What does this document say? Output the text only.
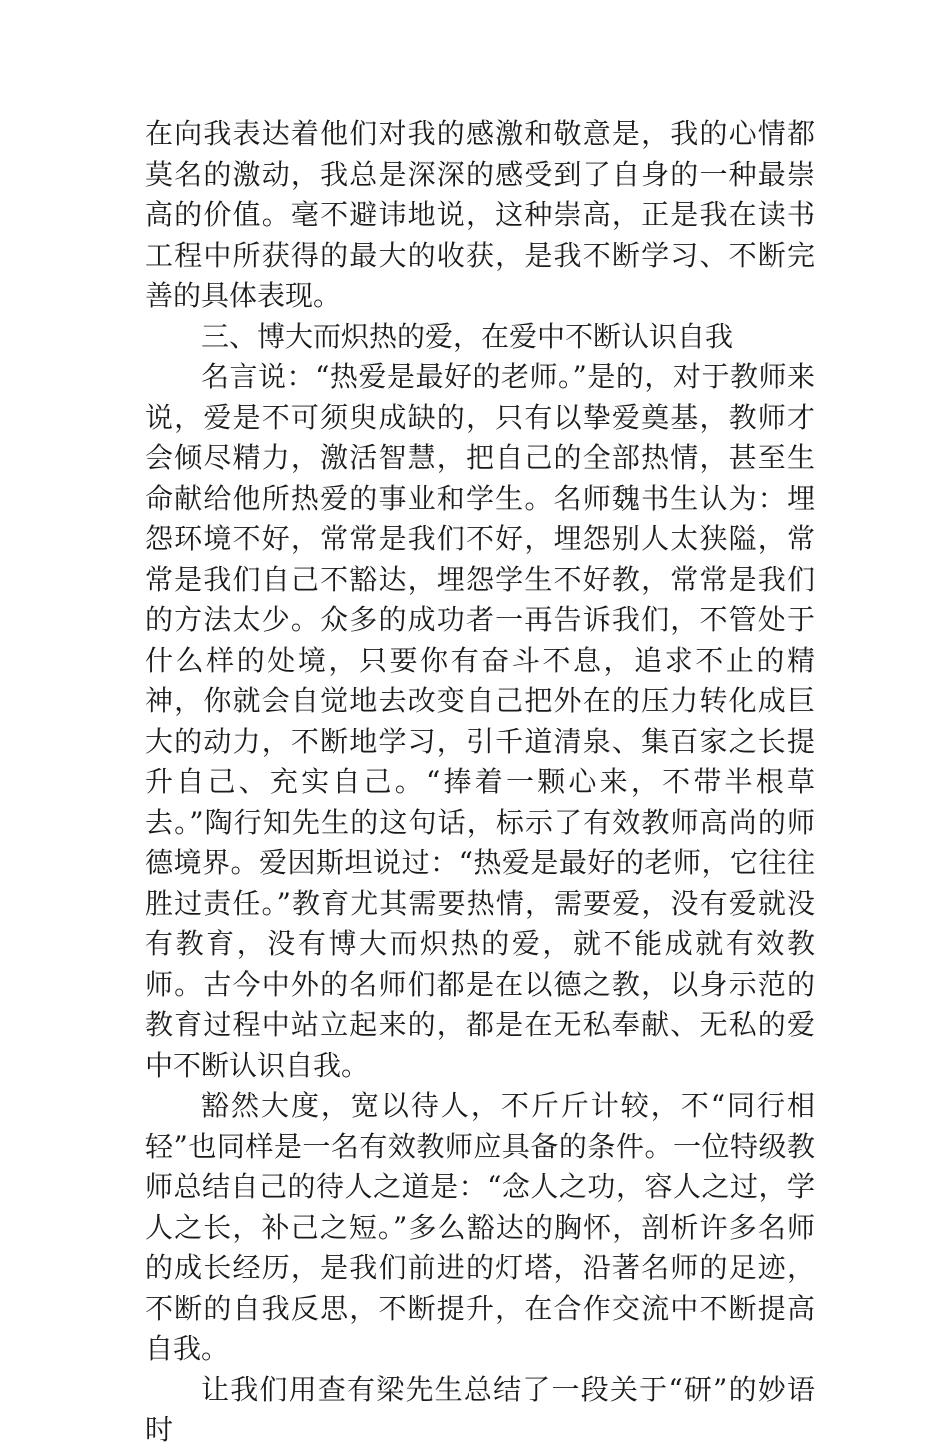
在向我表达着他们对我的感激和敬意是，我的心情都莫名的激动，我总是深深的感受到了自身的一种最崇高的价值。毫不避讳地说，这种崇高，正是我在读书工程中所获得的最大的收获，是我不断学习、不断完善的具体表现。

三、博大而炽热的爱，在爱中不断认识自我

名言说：“热爱是最好的老师。”是的，对于教师来说，爱是不可须臾成缺的，只有以挚爱奠基，教师才会倾尽精力，激活智慧，把自己的全部热情，甚至生命献给他所热爱的事业和学生。名师魏书生认为：埋怨环境不好，常常是我们不好，埋怨别人太狭隘，常常是我们自己不豁达，埋怨学生不好教，常常是我们的方法太少。众多的成功者一再告诉我们，不管处于什么样的处境，只要你有奋斗不息，追求不止的精神，你就会自觉地去改变自己把外在的压力转化成巨大的动力，不断地学习，引千道清泉、集百家之长提升自己、充实自己。“捧着一颗心来，不带半根草去。”陶行知先生的这句话，标示了有效教师高尚的师德境界。爱因斯坦说过：“热爱是最好的老师，它往往胜过责任。”教育尤其需要热情，需要爱，没有爱就没有教育，没有博大而炽热的爱，就不能成就有效教师。古今中外的名师们都是在以德之教，以身示范的教育过程中站立起来的，都是在无私奉献、无私的爱中不断认识自我。

豁然大度，宽以待人，不斤斤计较，不“同行相轻”也同样是一名有效教师应具备的条件。一位特级教师总结自己的待人之道是：“念人之功，容人之过，学人之长，补己之短。”多么豁达的胸怀，剖析许多名师的成长经历，是我们前进的灯塔，沿著名师的足迹，不断的自我反思，不断提升，在合作交流中不断提高自我。

让我们用查有梁先生总结了一段关于“研”的妙语时
